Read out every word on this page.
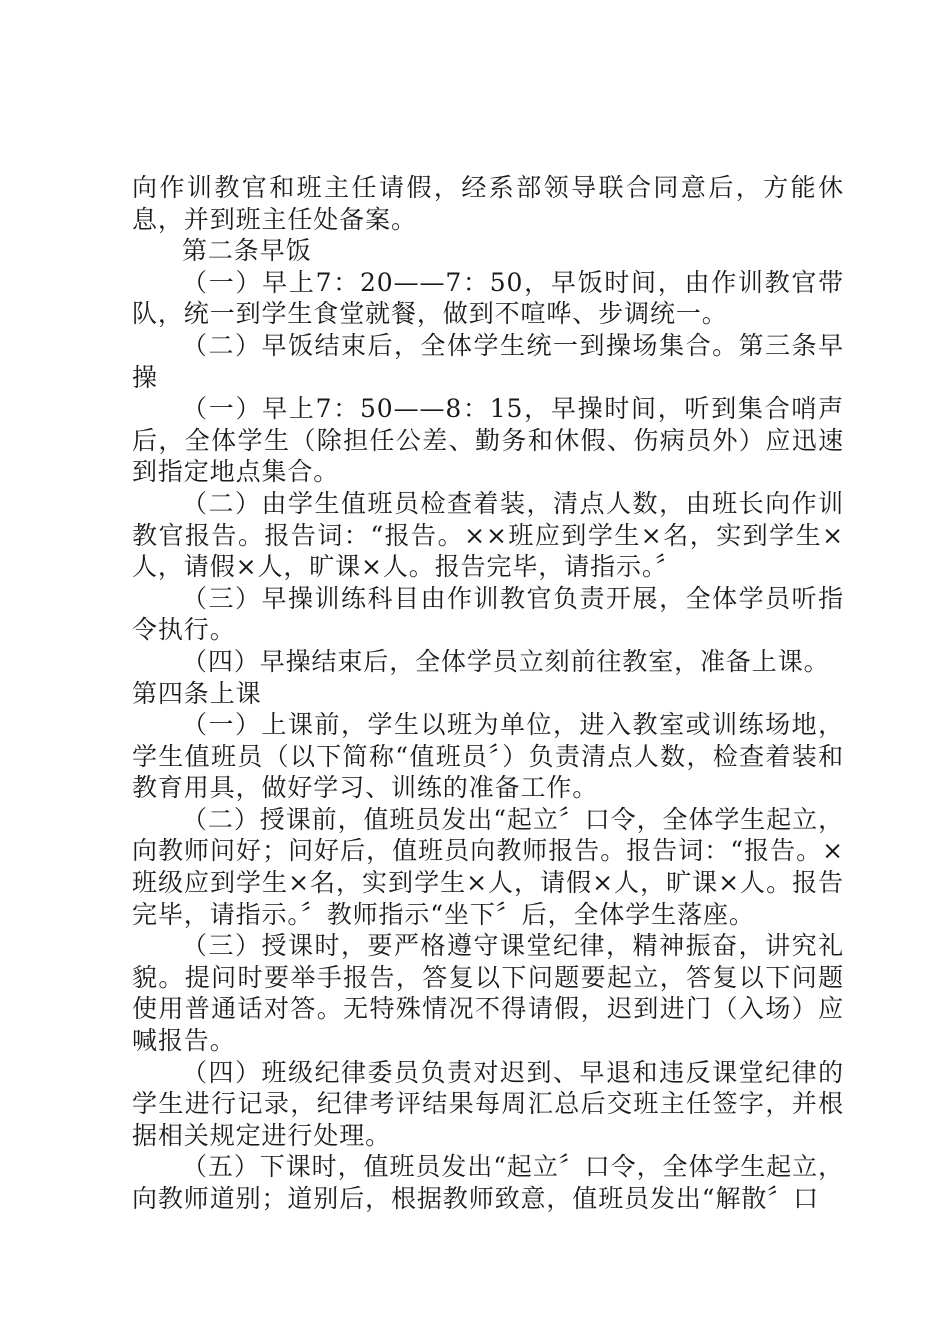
向作训教官和班主任请假，经系部领导联合同意后，方能休息，并到班主任处备案。

第二条早饭

（一）早上7：20——7：50，早饭时间，由作训教官带队，统一到学生食堂就餐，做到不喧哗、步调统一。

（二）早饭结束后，全体学生统一到操场集合。第三条早操

（一）早上7：50——8：15，早操时间，听到集合哨声后，全体学生（除担任公差、勤务和休假、伤病员外）应迅速到指定地点集合。

（二）由学生值班员检查着装，清点人数，由班长向作训教官报告。报告词：“报告。××班应到学生×名，实到学生×人，请假×人，旷课×人。报告完毕，请指示。〞

（三）早操训练科目由作训教官负责开展，全体学员听指令执行。

（四）早操结束后，全体学员立刻前往教室，准备上课。

第四条上课

（一）上课前，学生以班为单位，进入教室或训练场地，学生值班员（以下简称“值班员〞）负责清点人数，检查着装和教育用具，做好学习、训练的准备工作。

（二）授课前，值班员发出“起立〞口令，全体学生起立，向教师问好；问好后，值班员向教师报告。报告词：“报告。×班级应到学生×名，实到学生×人，请假×人，旷课×人。报告完毕，请指示。〞教师指示“坐下〞后，全体学生落座。

（三）授课时，要严格遵守课堂纪律，精神振奋，讲究礼貌。提问时要举手报告，答复以下问题要起立，答复以下问题使用普通话对答。无特殊情况不得请假，迟到进门（入场）应喊报告。

（四）班级纪律委员负责对迟到、早退和违反课堂纪律的学生进行记录，纪律考评结果每周汇总后交班主任签字，并根据相关规定进行处理。

（五）下课时，值班员发出“起立〞口令，全体学生起立，向教师道别；道别后，根据教师致意，值班员发出“解散〞口
